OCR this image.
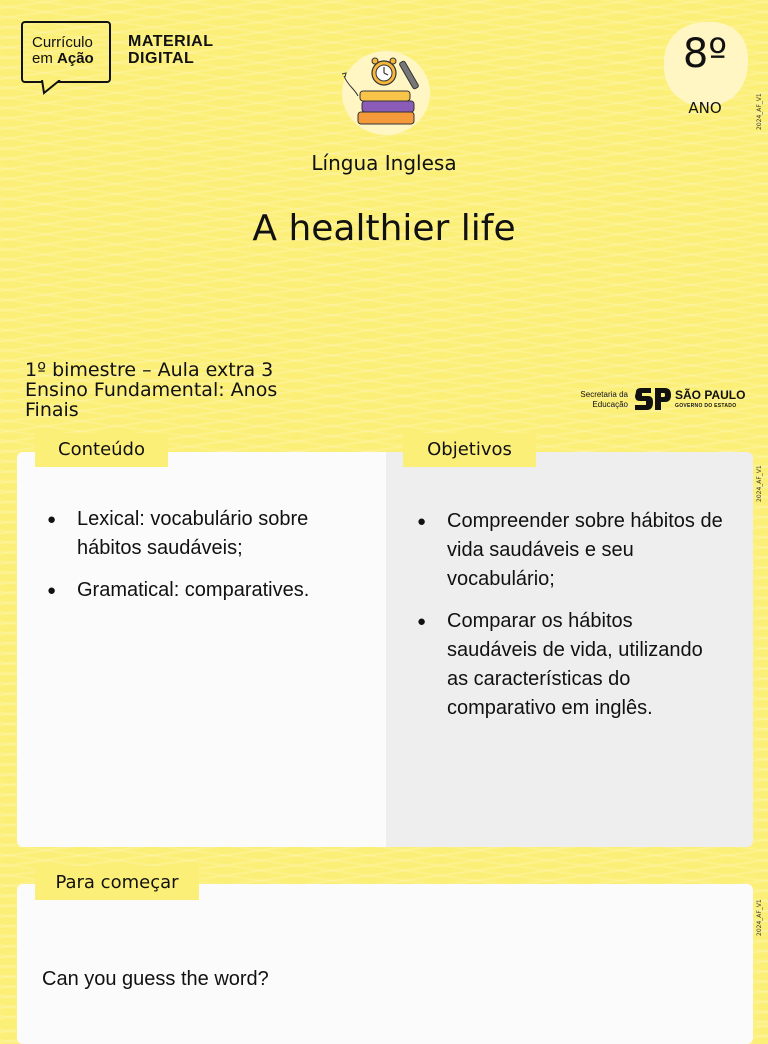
Currículo
em Ação
MATERIAL
DIGITAL	8º
ANO	2024_AF_V1
2024_AF_V1
2024_AF_V1
Língua Inglesa
A healthier life
1º bimestre – Aula extra 3
Ensino Fundamental: Anos
Finais
Secretaria da
Educação
SÃO PAULO
GOVERNO DO ESTADO
Conteúdo	Objetivos
● Lexical: vocabulário sobre hábitos saudáveis;
● Gramatical: comparatives.
● Compreender sobre hábitos de vida saudáveis e seu vocabulário;
● Comparar os hábitos saudáveis de vida, utilizando as características do comparativo em inglês.
Para começar
Can you guess the word?
